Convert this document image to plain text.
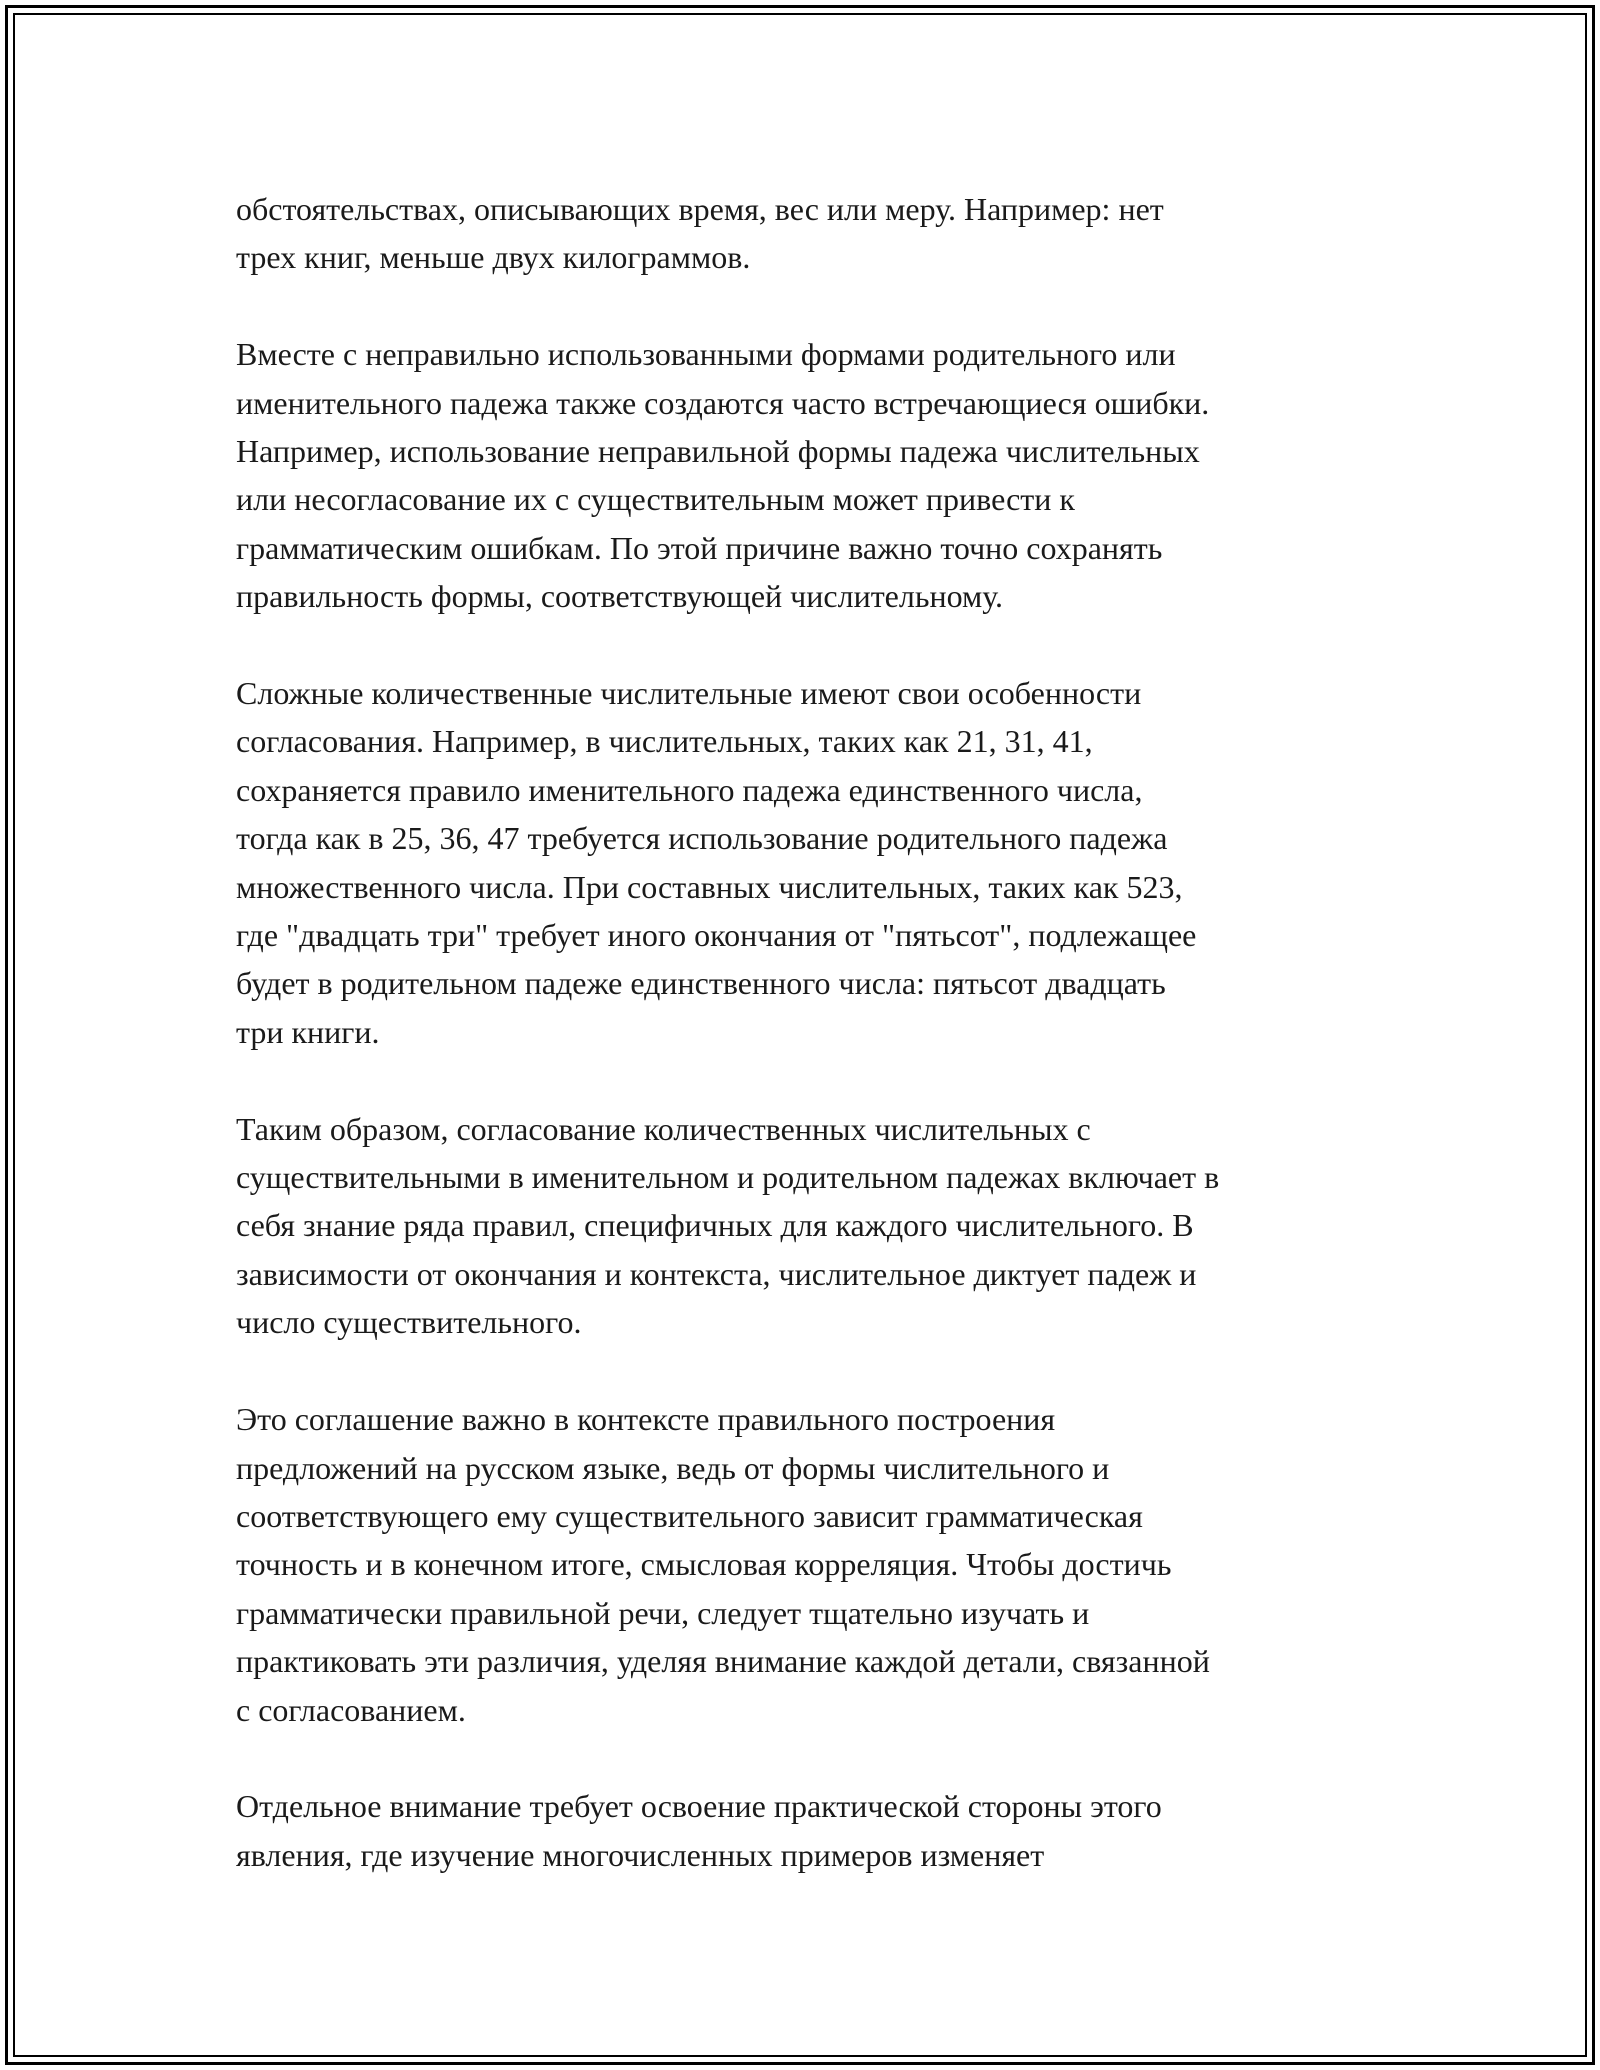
обстоятельствах, описывающих время, вес или меру. Например: нет
трех книг, меньше двух килограммов.

Вместе с неправильно использованными формами родительного или
именительного падежа также создаются часто встречающиеся ошибки.
Например, использование неправильной формы падежа числительных
или несогласование их с существительным может привести к
грамматическим ошибкам. По этой причине важно точно сохранять
правильность формы, соответствующей числительному.

Сложные количественные числительные имеют свои особенности
согласования. Например, в числительных, таких как 21, 31, 41,
сохраняется правило именительного падежа единственного числа,
тогда как в 25, 36, 47 требуется использование родительного падежа
множественного числа. При составных числительных, таких как 523,
где "двадцать три" требует иного окончания от "пятьсот", подлежащее
будет в родительном падеже единственного числа: пятьсот двадцать
три книги.

Таким образом, согласование количественных числительных с
существительными в именительном и родительном падежах включает в
себя знание ряда правил, специфичных для каждого числительного. В
зависимости от окончания и контекста, числительное диктует падеж и
число существительного.

Это соглашение важно в контексте правильного построения
предложений на русском языке, ведь от формы числительного и
соответствующего ему существительного зависит грамматическая
точность и в конечном итоге, смысловая корреляция. Чтобы достичь
грамматически правильной речи, следует тщательно изучать и
практиковать эти различия, уделяя внимание каждой детали, связанной
с согласованием.

Отдельное внимание требует освоение практической стороны этого
явления, где изучение многочисленных примеров изменяет
